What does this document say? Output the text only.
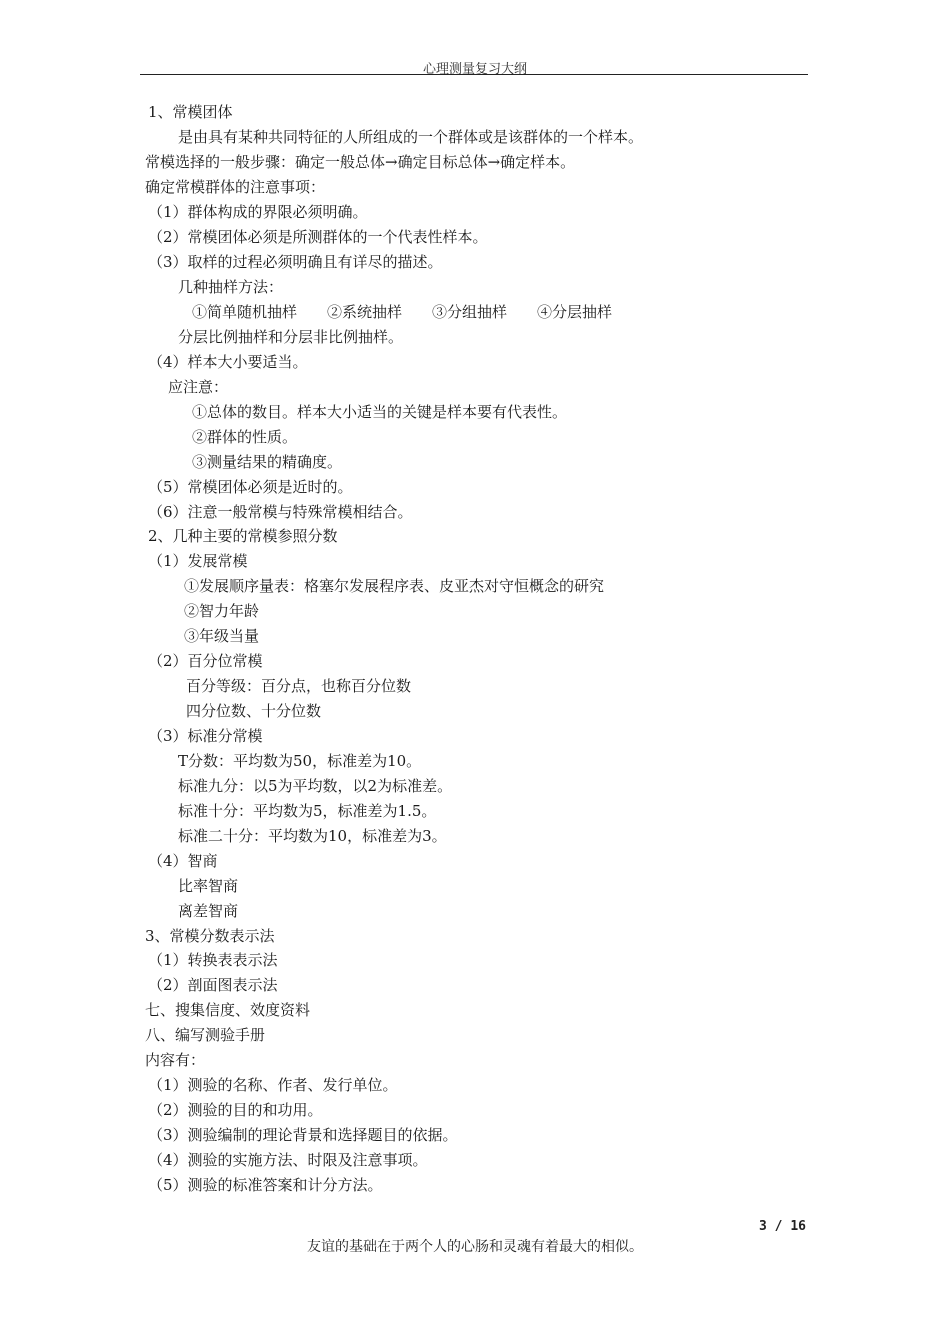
心理测量复习大纲
1、常模团体
是由具有某种共同特征的人所组成的一个群体或是该群体的一个样本。
常模选择的一般步骤：确定一般总体→确定目标总体→确定样本。
确定常模群体的注意事项：
（1）群体构成的界限必须明确。
（2）常模团体必须是所测群体的一个代表性样本。
（3）取样的过程必须明确且有详尽的描述。
几种抽样方法：
①简单随机抽样　　②系统抽样　　③分组抽样　　④分层抽样
分层比例抽样和分层非比例抽样。
（4）样本大小要适当。
应注意：
①总体的数目。样本大小适当的关键是样本要有代表性。
②群体的性质。
③测量结果的精确度。
（5）常模团体必须是近时的。
（6）注意一般常模与特殊常模相结合。
2、几种主要的常模参照分数
（1）发展常模
①发展顺序量表：格塞尔发展程序表、皮亚杰对守恒概念的研究
②智力年龄
③年级当量
（2）百分位常模
百分等级：百分点，也称百分位数
四分位数、十分位数
（3）标准分常模
T分数：平均数为50，标准差为10。
标准九分：以5为平均数，以2为标准差。
标准十分：平均数为5，标准差为1.5。
标准二十分：平均数为10，标准差为3。
（4）智商
比率智商
离差智商
3、常模分数表示法
（1）转换表表示法
（2）剖面图表示法
七、搜集信度、效度资料
八、编写测验手册
内容有：
（1）测验的名称、作者、发行单位。
（2）测验的目的和功用。
（3）测验编制的理论背景和选择题目的依据。
（4）测验的实施方法、时限及注意事项。
（5）测验的标准答案和计分方法。
3 / 16
友谊的基础在于两个人的心肠和灵魂有着最大的相似。
